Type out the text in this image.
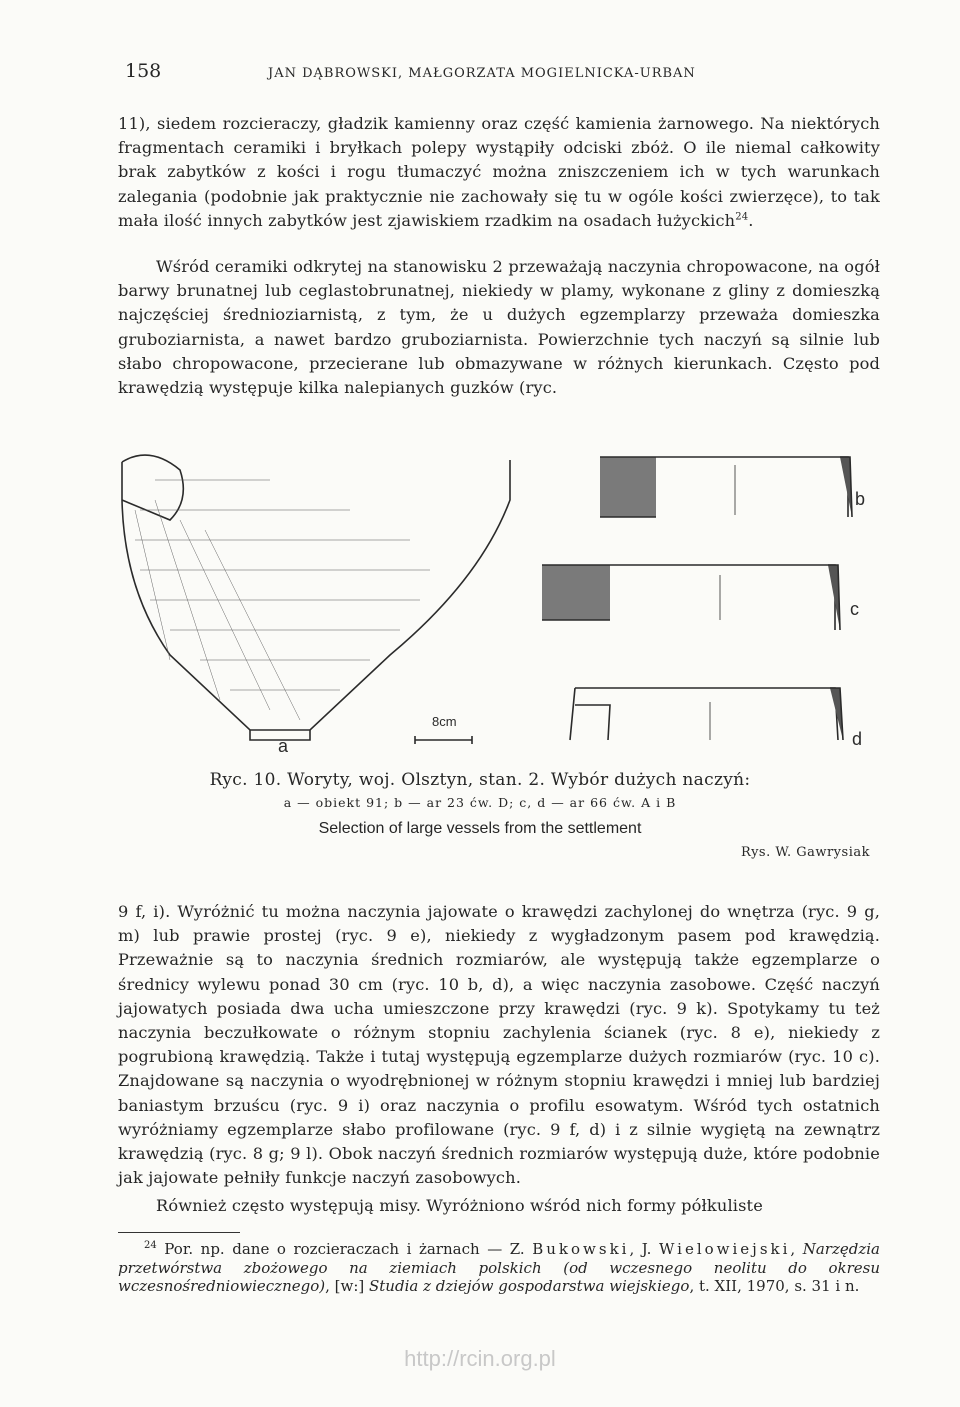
158	JAN DĄBROWSKI, MAŁGORZATA MOGIELNICKA-URBAN

11), siedem rozcieraczy, gładzik kamienny oraz część kamienia żarnowego. Na niektórych fragmentach ceramiki i bryłkach polepy wystąpiły odciski zbóż. O ile niemal całkowity brak zabytków z kości i rogu tłumaczyć można zniszczeniem ich w tych warunkach zalegania (podobnie jak praktycznie nie zachowały się tu w ogóle kości zwierzęce), to tak mała ilość innych zabytków jest zjawiskiem rzadkim na osadach łużyckich$^{24}$.

Wśród ceramiki odkrytej na stanowisku 2 przeważają naczynia chropowacone, na ogół barwy brunatnej lub ceglastobrunatnej, niekiedy w plamy, wykonane z gliny z domieszką najczęściej średnioziarnistą, z tym, że u dużych egzemplarzy przeważa domieszka gruboziarnista, a nawet bardzo gruboziarnista. Powierzchnie tych naczyń są silnie lub słabo chropowacone, przecierane lub obmazywane w różnych kierunkach. Często pod krawędzią występuje kilka nalepianych guzków (ryc.

8cm
a
b
c
d
Ryc. 10. Woryty, woj. Olsztyn, stan. 2. Wybór dużych naczyń:
a — obiekt 91; b — ar 23 ćw. D; c, d — ar 66 ćw. A i B
Selection of large vessels from the settlement
Rys. W. Gawrysiak

9 f, i). Wyróżnić tu można naczynia jajowate o krawędzi zachylonej do wnętrza (ryc. 9 g, m) lub prawie prostej (ryc. 9 e), niekiedy z wygładzonym pasem pod krawędzią. Przeważnie są to naczynia średnich rozmiarów, ale występują także egzemplarze o średnicy wylewu ponad 30 cm (ryc. 10 b, d), a więc naczynia zasobowe. Część naczyń jajowatych posiada dwa ucha umieszczone przy krawędzi (ryc. 9 k). Spotykamy tu też naczynia beczułkowate o różnym stopniu zachylenia ścianek (ryc. 8 e), niekiedy z pogrubioną krawędzią. Także i tutaj występują egzemplarze dużych rozmiarów (ryc. 10 c). Znajdowane są naczynia o wyodrębnionej w różnym stopniu krawędzi i mniej lub bardziej baniastym brzuścu (ryc. 9 i) oraz naczynia o profilu esowatym. Wśród tych ostatnich wyróżniamy egzemplarze słabo profilowane (ryc. 9 f, d) i z silnie wygiętą na zewnątrz krawędzią (ryc. 8 g; 9 l). Obok naczyń średnich rozmiarów występują duże, które podobnie jak jajowate pełniły funkcje naczyń zasobowych.

Również często występują misy. Wyróżniono wśród nich formy półkuliste

$^{24}$ Por. np. dane o rozcieraczach i żarnach — Z. Bukowski, J. Wielowiejski, Narzędzia przetwórstwa zbożowego na ziemiach polskich (od wczesnego neolitu do okresu wczesnośredniowiecznego), [w:] Studia z dziejów gospodarstwa wiejskiego, t. XII, 1970, s. 31 i n.

http://rcin.org.pl
